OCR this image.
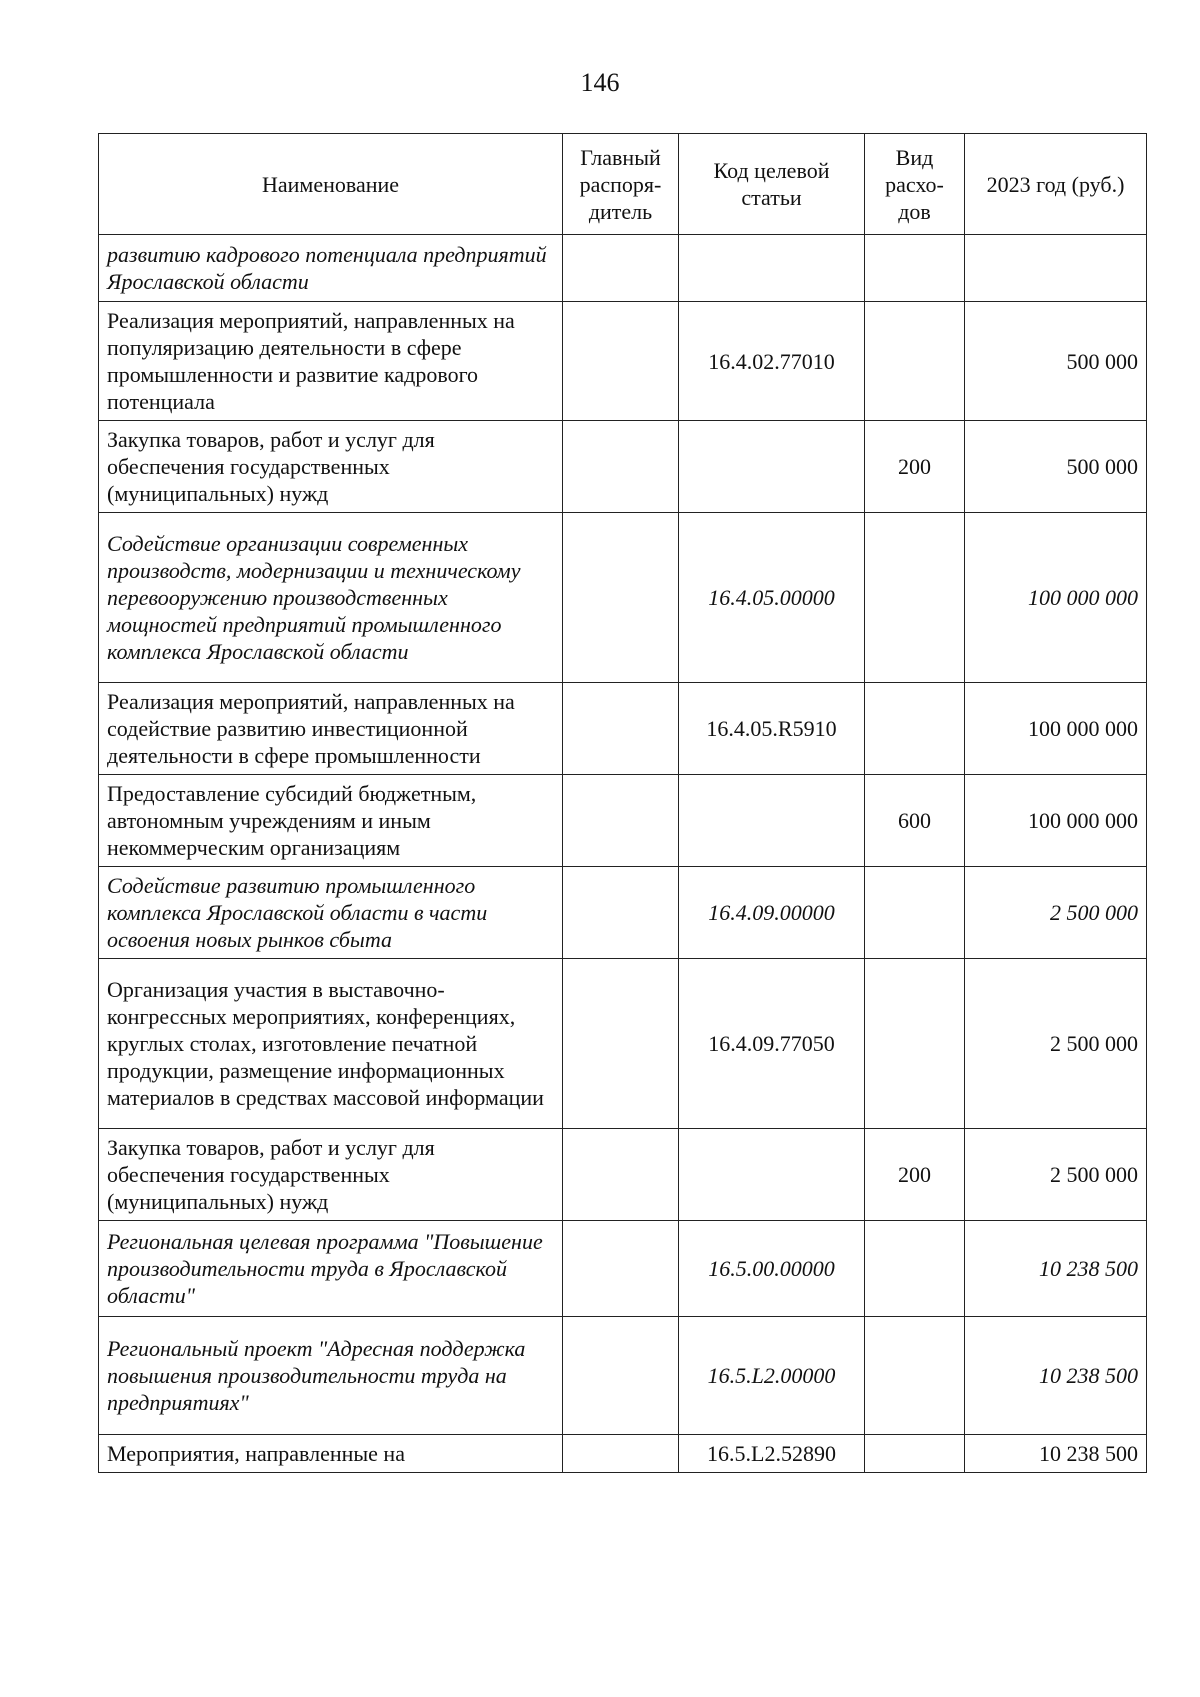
146
Наименование	Главный распоря-дитель	Код целевой статьи	Вид расхо-дов	2023 год (руб.)
развитию кадрового потенциала предприятий Ярославской области				
Реализация мероприятий, направленных на популяризацию деятельности в сфере промышленности и развитие кадрового потенциала		16.4.02.77010		500 000
Закупка товаров, работ и услуг для обеспечения государственных (муниципальных) нужд			200	500 000
Содействие организации современных производств, модернизации и техническому перевооружению производственных мощностей предприятий промышленного комплекса Ярославской области		16.4.05.00000		100 000 000
Реализация мероприятий, направленных на содействие развитию инвестиционной деятельности в сфере промышленности		16.4.05.R5910		100 000 000
Предоставление субсидий бюджетным, автономным учреждениям и иным некоммерческим организациям			600	100 000 000
Содействие развитию промышленного комплекса Ярославской области в части освоения новых рынков сбыта		16.4.09.00000		2 500 000
Организация участия в выставочно-конгрессных мероприятиях, конференциях, круглых столах, изготовление печатной продукции, размещение информационных материалов в средствах массовой информации		16.4.09.77050		2 500 000
Закупка товаров, работ и услуг для обеспечения государственных (муниципальных) нужд			200	2 500 000
Региональная целевая программа "Повышение производительности труда в Ярославской области"		16.5.00.00000		10 238 500
Региональный проект "Адресная поддержка повышения производительности труда на предприятиях"		16.5.L2.00000		10 238 500
Мероприятия, направленные на		16.5.L2.52890		10 238 500
